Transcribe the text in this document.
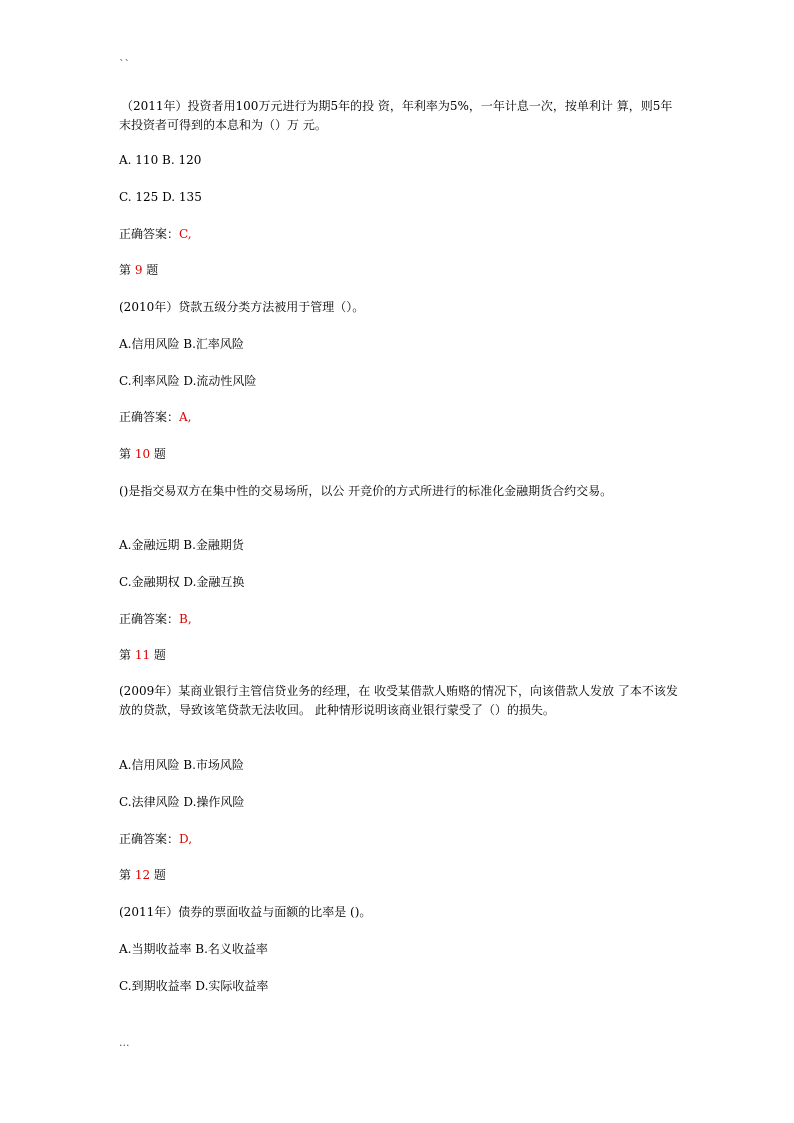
``
（2011年）投资者用100万元进行为期5年的投 资，年利率为5%，一年计息一次，按单利计 算，则5年末投资者可得到的本息和为（）万 元。
A. 110 B. 120
C. 125 D. 135
正确答案：C,
第 9 题
(2010年）贷款五级分类方法被用于管理（）。
A.信用风险 B.汇率风险
C.利率风险 D.流动性风险
正确答案：A,
第 10 题
()是指交易双方在集中性的交易场所，以公 开竞价的方式所进行的标准化金融期货合约交易。
A.金融远期 B.金融期货
C.金融期权 D.金融互换
正确答案：B,
第 11 题
(2009年）某商业银行主管信贷业务的经理，在 收受某借款人贿赂的情况下，向该借款人发放 了本不该发放的贷款，导致该笔贷款无法收回。 此种情形说明该商业银行蒙受了（）的损失。
A.信用风险 B.市场风险
C.法律风险 D.操作风险
正确答案：D,
第 12 题
(2011年）债券的票面收益与面额的比率是 ()。
A.当期收益率 B.名义收益率
C.到期收益率 D.实际收益率
...
